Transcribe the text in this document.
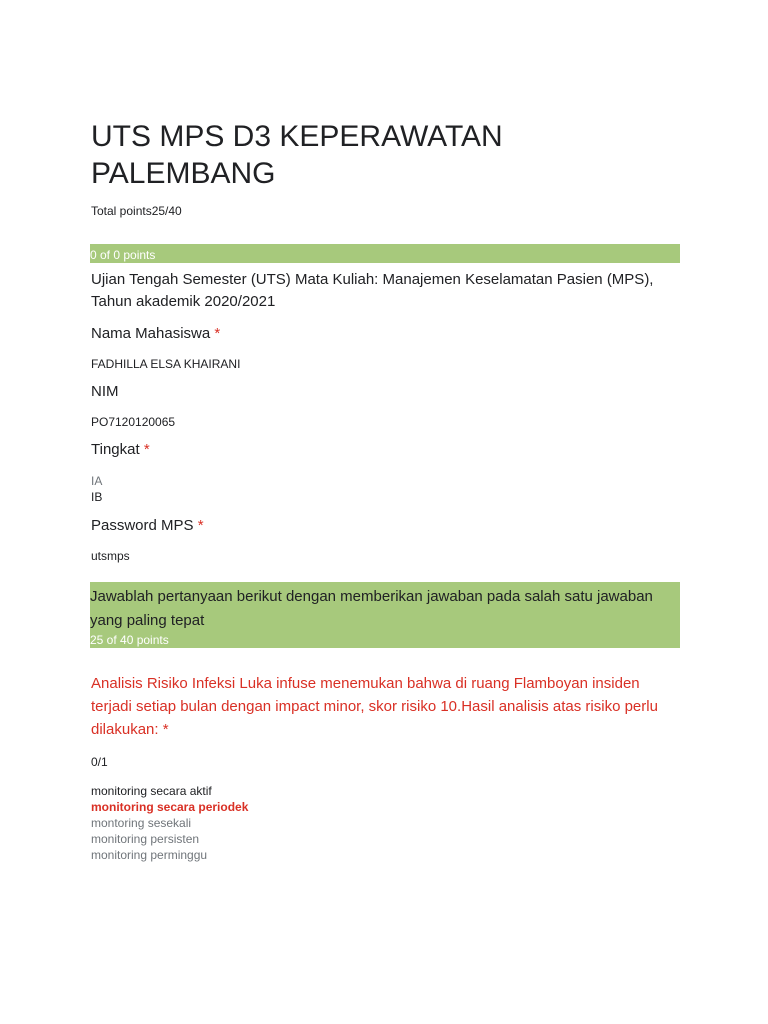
UTS MPS D3 KEPERAWATAN PALEMBANG
Total points25/40
0 of 0 points
Ujian Tengah Semester (UTS) Mata Kuliah: Manajemen Keselamatan Pasien (MPS), Tahun akademik 2020/2021
Nama Mahasiswa *
FADHILLA ELSA KHAIRANI
NIM
PO7120120065
Tingkat *
IA
IB
Password MPS *
utsmps
Jawablah pertanyaan berikut dengan memberikan jawaban pada salah satu jawaban yang paling tepat
25 of 40 points
Analisis Risiko Infeksi Luka infuse menemukan bahwa di ruang Flamboyan insiden terjadi setiap bulan dengan impact minor, skor risiko 10.Hasil analisis atas risiko perlu dilakukan: *
0/1
monitoring secara aktif
monitoring secara periodek
montoring sesekali
monitoring persisten
monitoring perminggu
